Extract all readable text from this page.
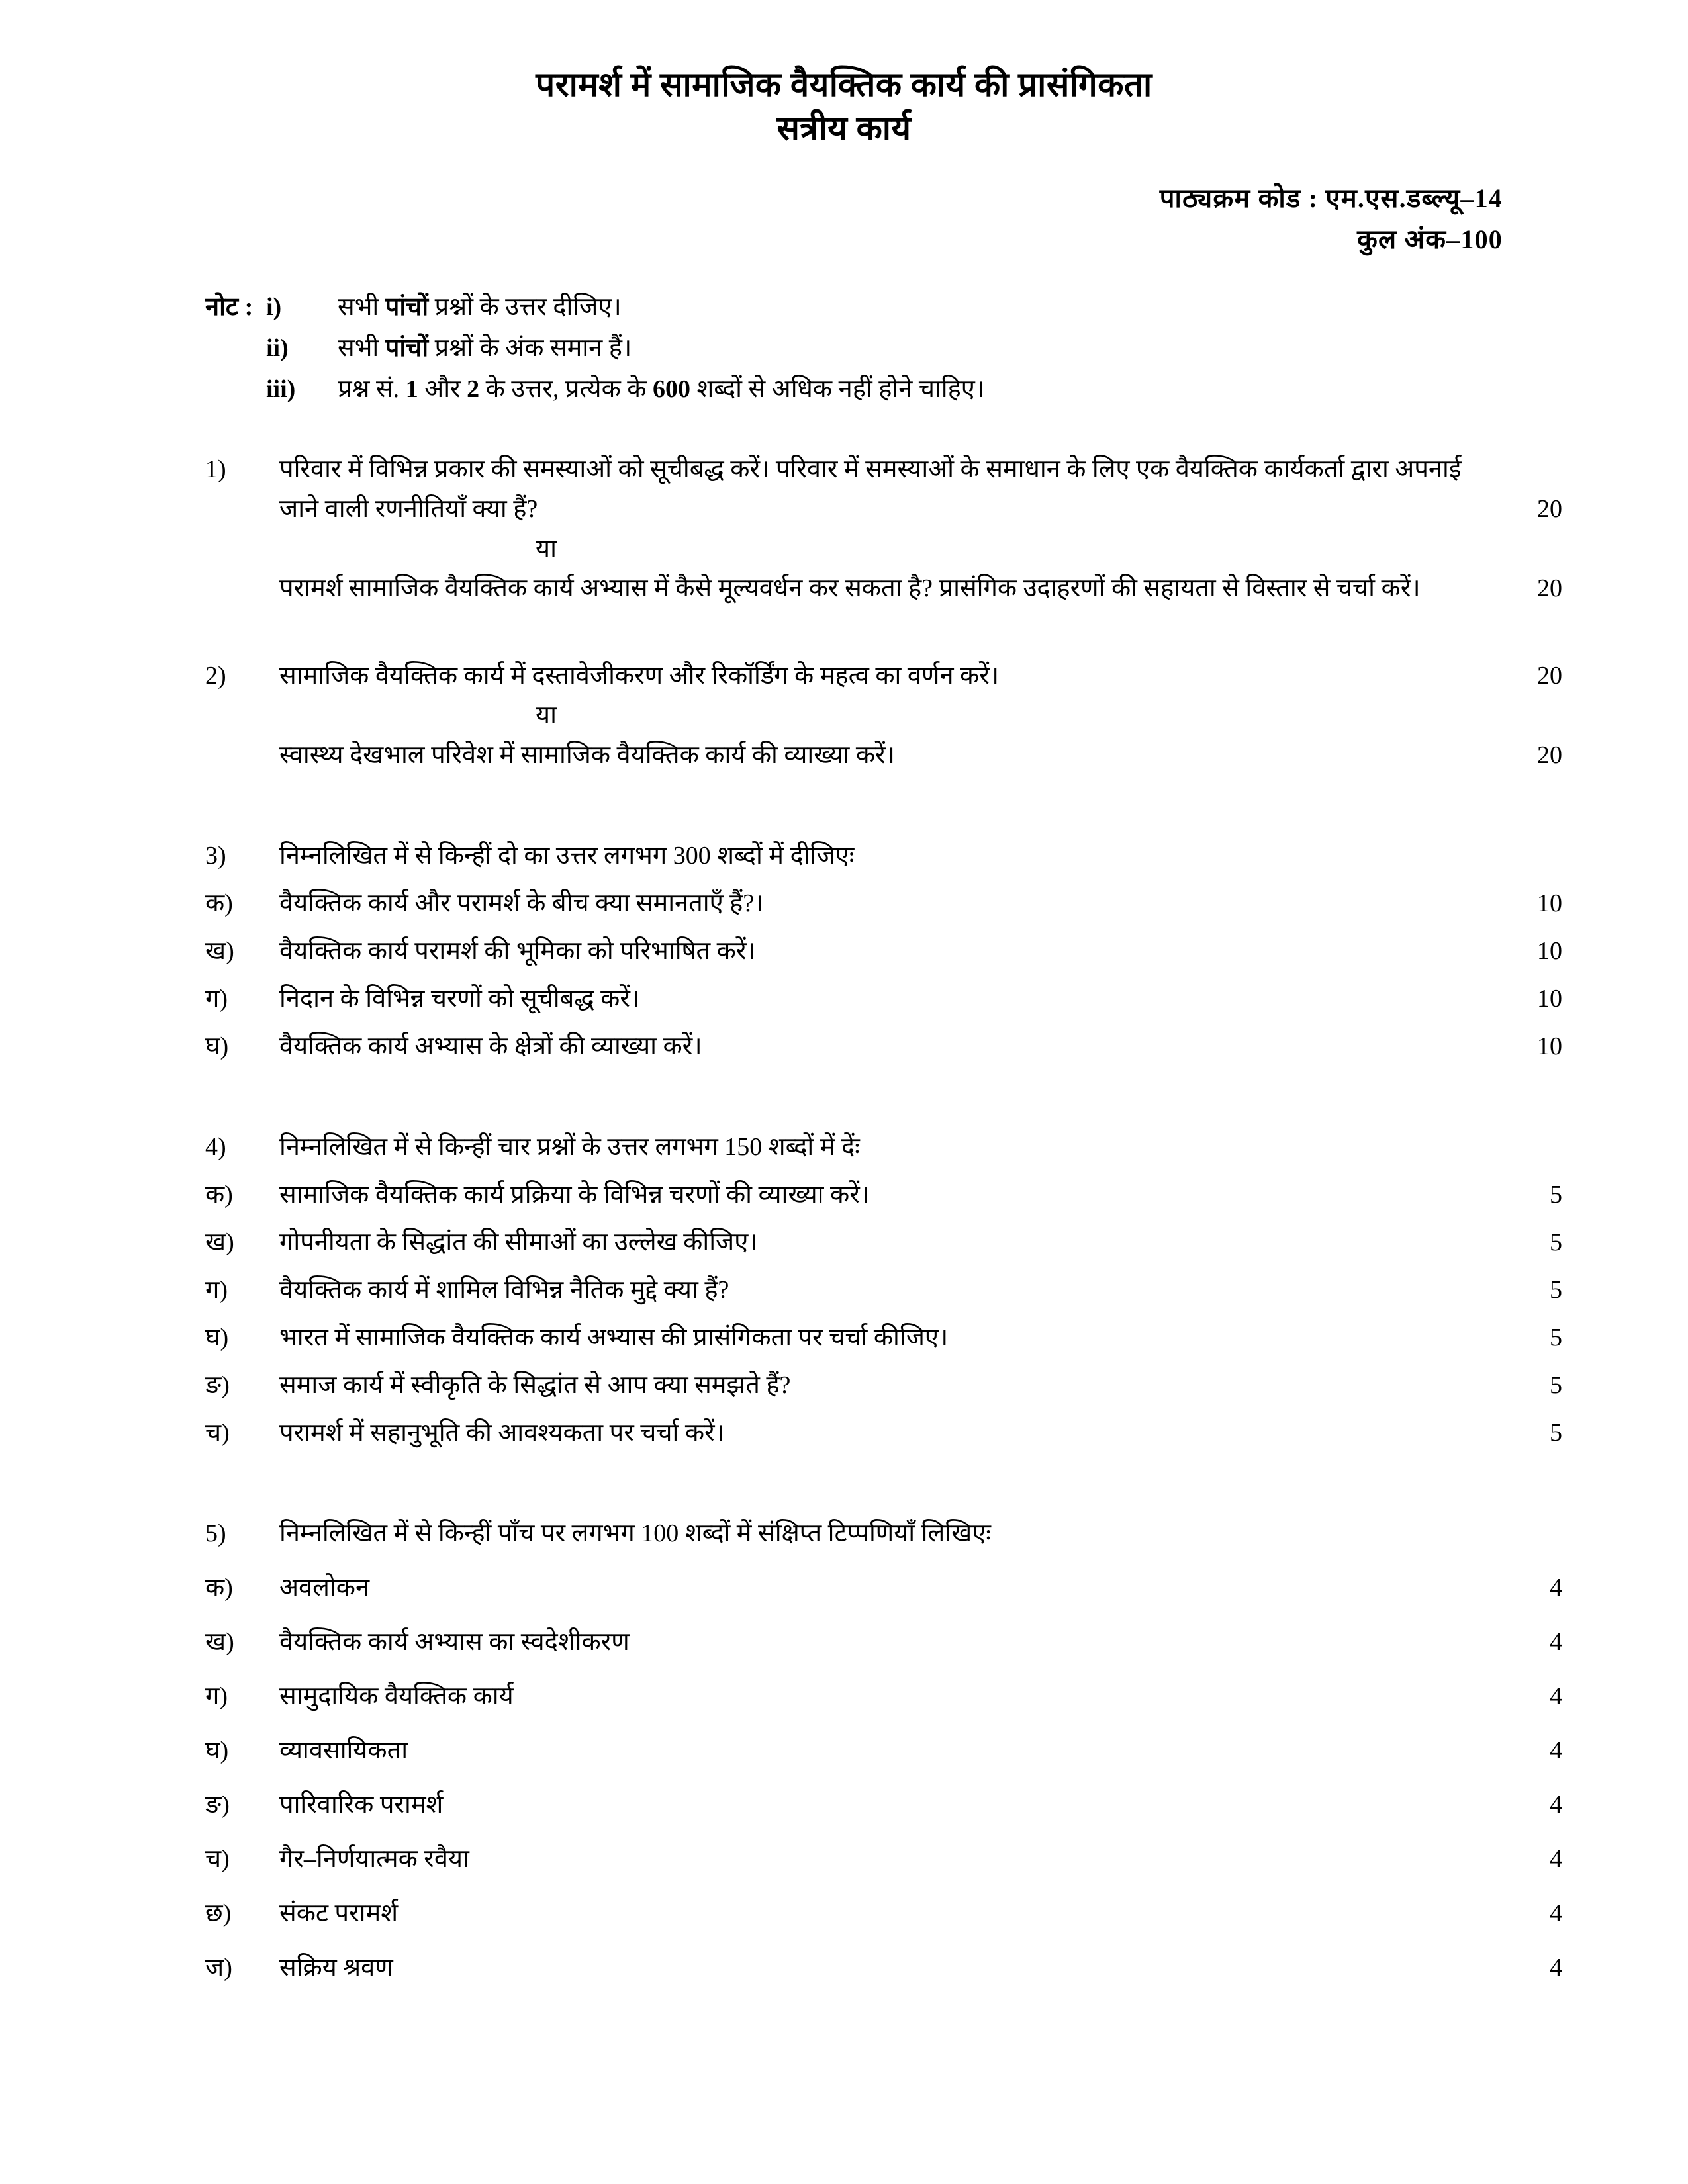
परामर्श में सामाजिक वैयक्तिक कार्य की प्रासंगिकता
सत्रीय कार्य
पाठ्यक्रम कोड : एम.एस.डब्ल्यू–14
कुल अंक–100
नोट : i)	सभी पांचों प्रश्नों के उत्तर दीजिए।
ii)	सभी पांचों प्रश्नों के अंक समान हैं।
iii)	प्रश्न सं. 1 और 2 के उत्तर, प्रत्येक के 600 शब्दों से अधिक नहीं होने चाहिए।
1)	परिवार में विभिन्न प्रकार की समस्याओं को सूचीबद्ध करें। परिवार में समस्याओं के समाधान के लिए एक वैयक्तिक कार्यकर्ता द्वारा अपनाई जाने वाली रणनीतियाँ क्या हैं?	20
या
परामर्श सामाजिक वैयक्तिक कार्य अभ्यास में कैसे मूल्यवर्धन कर सकता है? प्रासंगिक उदाहरणों की सहायता से विस्तार से चर्चा करें।	20
2)	सामाजिक वैयक्तिक कार्य में दस्तावेजीकरण और रिकॉर्डिंग के महत्व का वर्णन करें।	20
या
स्वास्थ्य देखभाल परिवेश में सामाजिक वैयक्तिक कार्य की व्याख्या करें।	20
3)	निम्नलिखित में से किन्हीं दो का उत्तर लगभग 300 शब्दों में दीजिएः
क)	वैयक्तिक कार्य और परामर्श के बीच क्या समानताएँ हैं?।	10
ख)	वैयक्तिक कार्य परामर्श की भूमिका को परिभाषित करें।	10
ग)	निदान के विभिन्न चरणों को सूचीबद्ध करें।	10
घ)	वैयक्तिक कार्य अभ्यास के क्षेत्रों की व्याख्या करें।	10
4)	निम्नलिखित में से किन्हीं चार प्रश्नों के उत्तर लगभग 150 शब्दों में देंः
क)	सामाजिक वैयक्तिक कार्य प्रक्रिया के विभिन्न चरणों की व्याख्या करें।	5
ख)	गोपनीयता के सिद्धांत की सीमाओं का उल्लेख कीजिए।	5
ग)	वैयक्तिक कार्य में शामिल विभिन्न नैतिक मुद्दे क्या हैं?	5
घ)	भारत में सामाजिक वैयक्तिक कार्य अभ्यास की प्रासंगिकता पर चर्चा कीजिए।	5
ङ)	समाज कार्य में स्वीकृति के सिद्धांत से आप क्या समझते हैं?	5
च)	परामर्श में सहानुभूति की आवश्यकता पर चर्चा करें।	5
5)	निम्नलिखित में से किन्हीं पाँच पर लगभग 100 शब्दों में संक्षिप्त टिप्पणियाँ लिखिएः
क)	अवलोकन	4
ख)	वैयक्तिक कार्य अभ्यास का स्वदेशीकरण	4
ग)	सामुदायिक वैयक्तिक कार्य	4
घ)	व्यावसायिकता	4
ङ)	पारिवारिक परामर्श	4
च)	गैर–निर्णयात्मक रवैया	4
छ)	संकट परामर्श	4
ज)	सक्रिय श्रवण	4
